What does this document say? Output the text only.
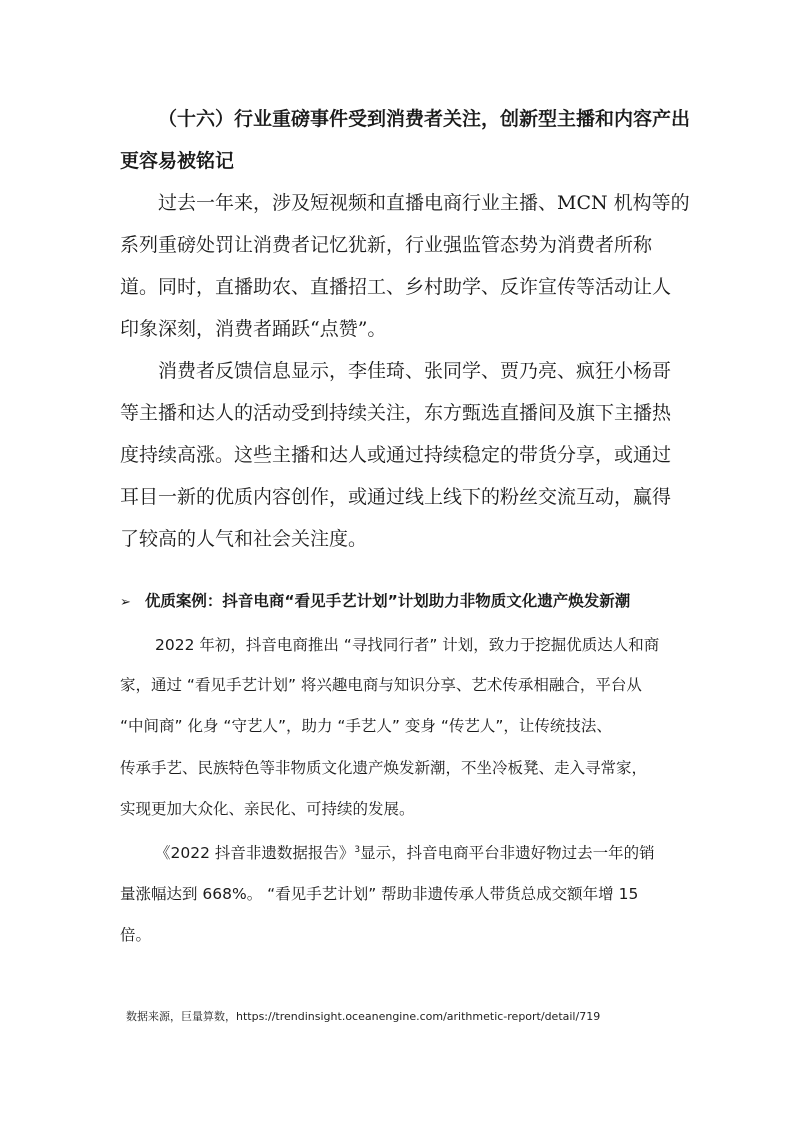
（十六）行业重磅事件受到消费者关注，创新型主播和内容产出
更容易被铭记
过去一年来，涉及短视频和直播电商行业主播、MCN 机构等的
系列重磅处罚让消费者记忆犹新，行业强监管态势为消费者所称
道。同时，直播助农、直播招工、乡村助学、反诈宣传等活动让人
印象深刻，消费者踊跃“点赞”。
消费者反馈信息显示，李佳琦、张同学、贾乃亮、疯狂小杨哥
等主播和达人的活动受到持续关注，东方甄选直播间及旗下主播热
度持续高涨。这些主播和达人或通过持续稳定的带货分享，或通过
耳目一新的优质内容创作，或通过线上线下的粉丝交流互动，赢得
了较高的人气和社会关注度。
➢ 优质案例：抖音电商“看见手艺计划”计划助力非物质文化遗产焕发新潮
2022 年初，抖音电商推出 “寻找同行者” 计划，致力于挖掘优质达人和商
家，通过 “看见手艺计划” 将兴趣电商与知识分享、艺术传承相融合，平台从
“中间商” 化身 “守艺人”，助力 “手艺人” 变身 “传艺人”，让传统技法、
传承手艺、民族特色等非物质文化遗产焕发新潮，不坐冷板凳、走入寻常家，
实现更加大众化、亲民化、可持续的发展。
《2022 抖音非遗数据报告》$^3$显示，抖音电商平台非遗好物过去一年的销
量涨幅达到 668%。 “看见手艺计划” 帮助非遗传承人带货总成交额年增 15
倍。
数据来源，巨量算数，https://trendinsight.oceanengine.com/arithmetic-report/detail/719
